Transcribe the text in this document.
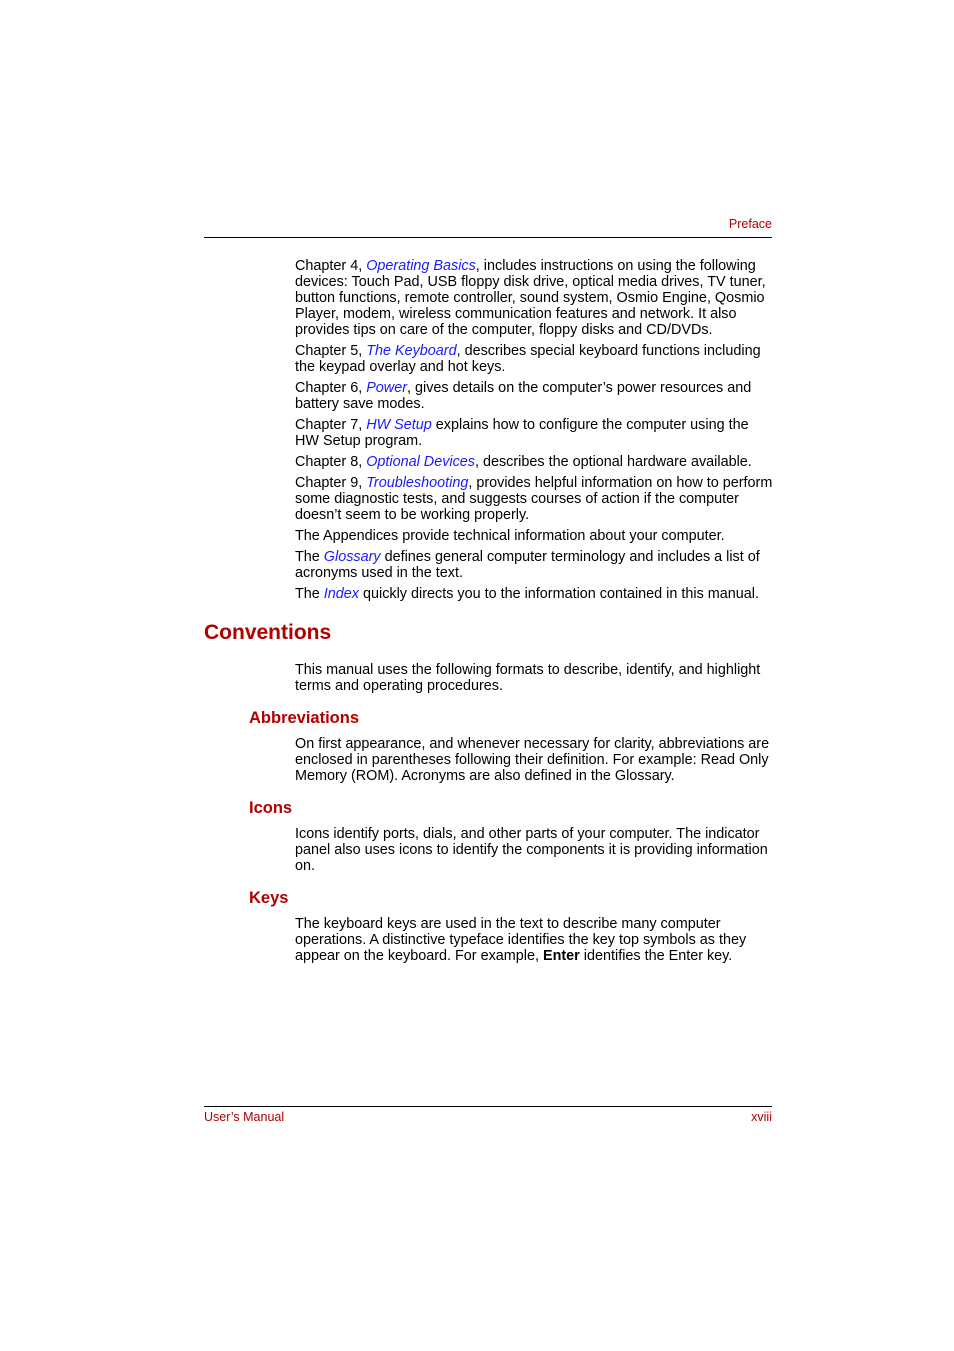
Preface

Chapter 4, Operating Basics, includes instructions on using the following devices: Touch Pad, USB floppy disk drive, optical media drives, TV tuner, button functions, remote controller, sound system, Osmio Engine, Qosmio Player, modem, wireless communication features and network. It also provides tips on care of the computer, floppy disks and CD/DVDs.

Chapter 5, The Keyboard, describes special keyboard functions including the keypad overlay and hot keys.

Chapter 6, Power, gives details on the computer’s power resources and battery save modes.

Chapter 7, HW Setup explains how to configure the computer using the HW Setup program.

Chapter 8, Optional Devices, describes the optional hardware available.

Chapter 9, Troubleshooting, provides helpful information on how to perform some diagnostic tests, and suggests courses of action if the computer doesn’t seem to be working properly.

The Appendices provide technical information about your computer.

The Glossary defines general computer terminology and includes a list of acronyms used in the text.

The Index quickly directs you to the information contained in this manual.

Conventions

This manual uses the following formats to describe, identify, and highlight terms and operating procedures.

Abbreviations

On first appearance, and whenever necessary for clarity, abbreviations are enclosed in parentheses following their definition. For example: Read Only Memory (ROM). Acronyms are also defined in the Glossary.

Icons

Icons identify ports, dials, and other parts of your computer. The indicator panel also uses icons to identify the components it is providing information on.

Keys

The keyboard keys are used in the text to describe many computer operations. A distinctive typeface identifies the key top symbols as they appear on the keyboard. For example, Enter identifies the Enter key.

User’s Manual	xviii
